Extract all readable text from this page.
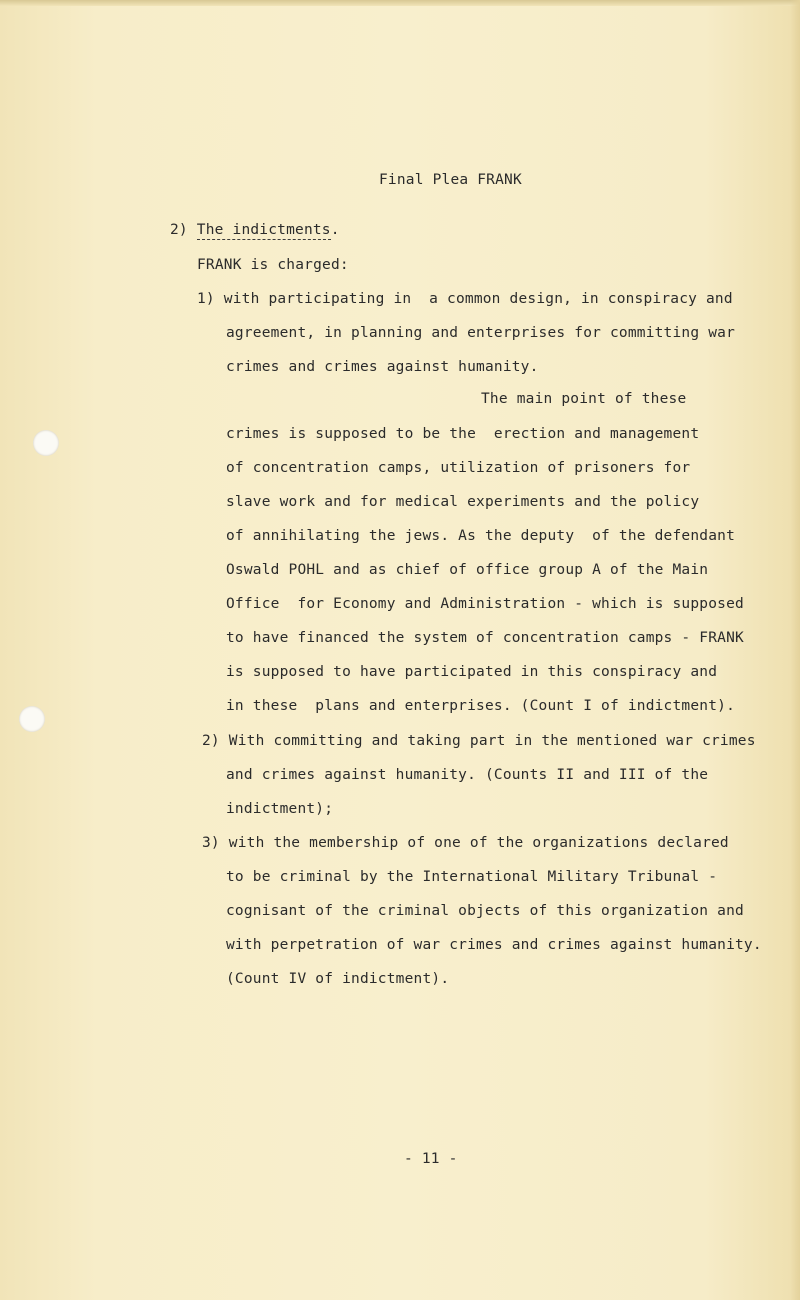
Final Plea FRANK
2) The indictments.
FRANK is charged:
1) with participating in  a common design, in conspiracy and
agreement, in planning and enterprises for committing war
crimes and crimes against humanity.
The main point of these
crimes is supposed to be the  erection and management
of concentration camps, utilization of prisoners for
slave work and for medical experiments and the policy
of annihilating the jews. As the deputy  of the defendant
Oswald POHL and as chief of office group A of the Main
Office  for Economy and Administration - which is supposed
to have financed the system of concentration camps - FRANK
is supposed to have participated in this conspiracy and
in these  plans and enterprises. (Count I of indictment).
2) With committing and taking part in the mentioned war crimes
and crimes against humanity. (Counts II and III of the
indictment);
3) with the membership of one of the organizations declared
to be criminal by the International Military Tribunal -
cognisant of the criminal objects of this organization and
with perpetration of war crimes and crimes against humanity.
(Count IV of indictment).
- 11 -
